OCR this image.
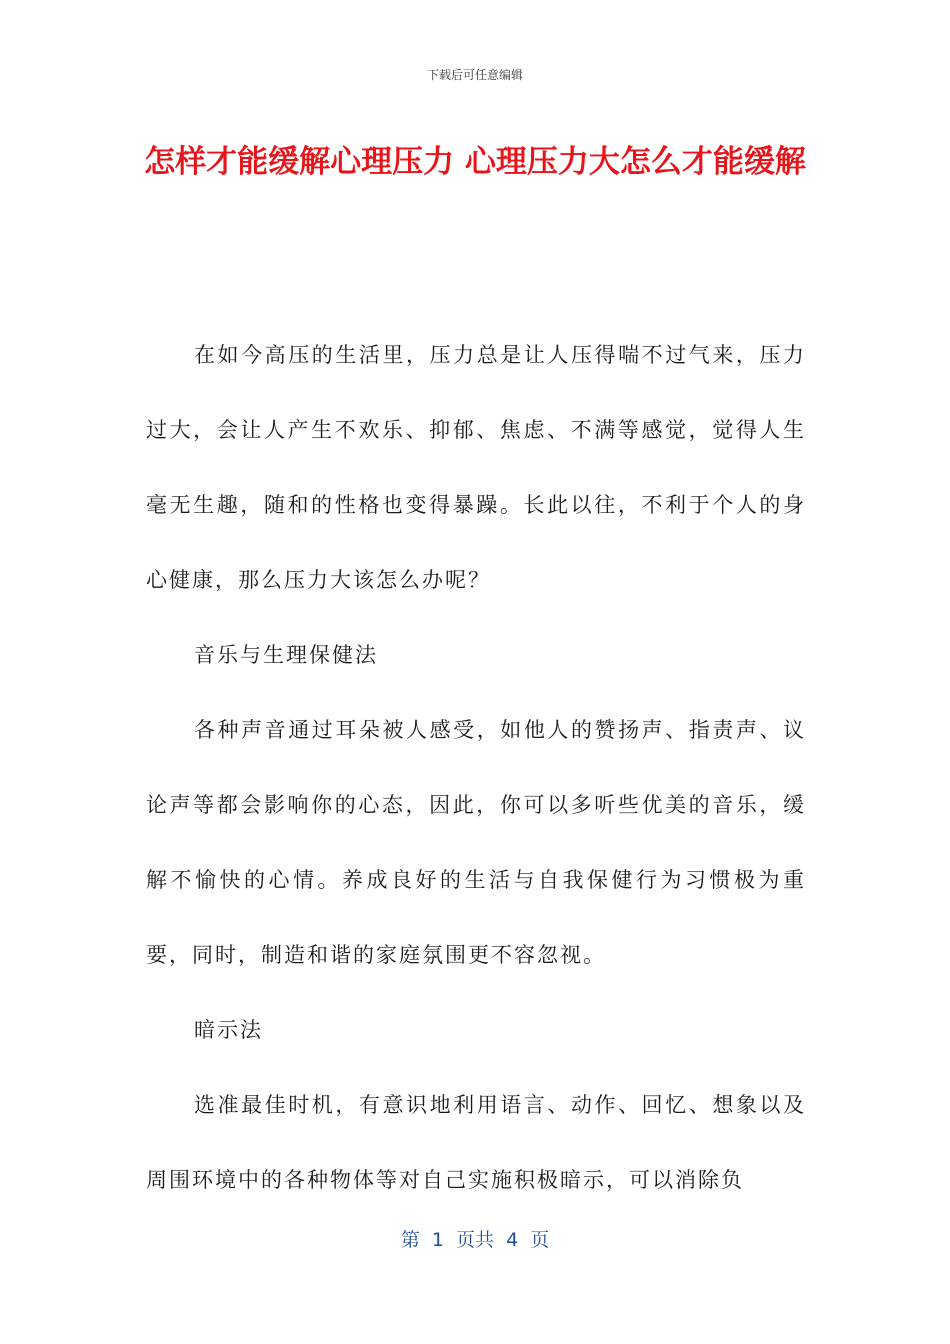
下载后可任意编辑
怎样才能缓解心理压力 心理压力大怎么才能缓解

在如今高压的生活里，压力总是让人压得喘不过气来，压力过大，会让人产生不欢乐、抑郁、焦虑、不满等感觉，觉得人生毫无生趣，随和的性格也变得暴躁。长此以往，不利于个人的身心健康，那么压力大该怎么办呢？

音乐与生理保健法

各种声音通过耳朵被人感受，如他人的赞扬声、指责声、议论声等都会影响你的心态，因此，你可以多听些优美的音乐，缓解不愉快的心情。养成良好的生活与自我保健行为习惯极为重要，同时，制造和谐的家庭氛围更不容忽视。

暗示法

选准最佳时机，有意识地利用语言、动作、回忆、想象以及周围环境中的各种物体等对自己实施积极暗示，可以消除负

第  1  页共  4  页
